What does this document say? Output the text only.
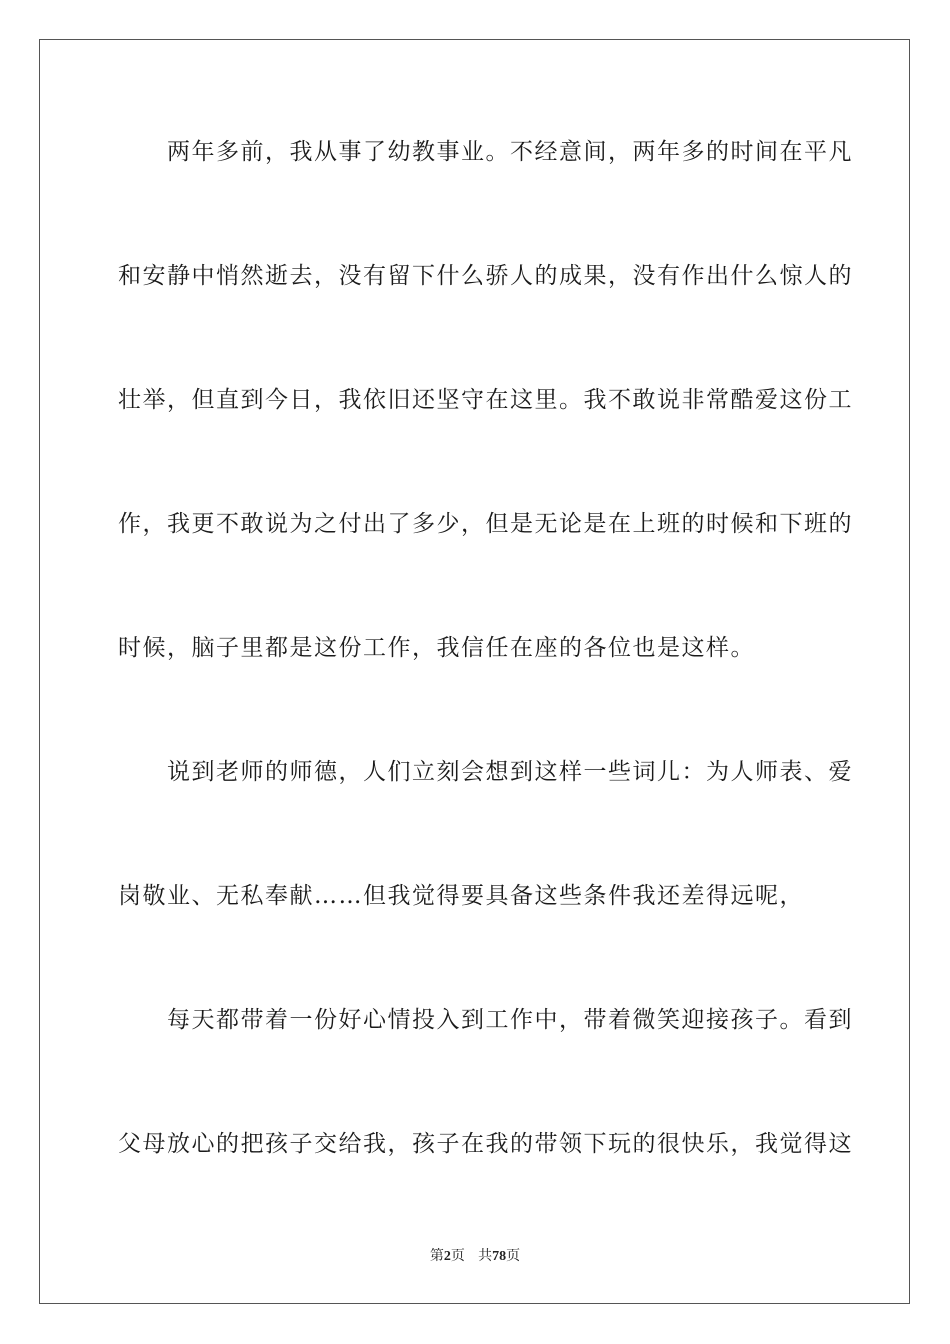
　　两年多前，我从事了幼教事业。不经意间，两年多的时间在平凡
和安静中悄然逝去，没有留下什么骄人的成果，没有作出什么惊人的
壮举，但直到今日，我依旧还坚守在这里。我不敢说非常酷爱这份工
作，我更不敢说为之付出了多少，但是无论是在上班的时候和下班的
时候，脑子里都是这份工作，我信任在座的各位也是这样。
　　说到老师的师德，人们立刻会想到这样一些词儿：为人师表、爱
岗敬业、无私奉献……但我觉得要具备这些条件我还差得远呢，
　　每天都带着一份好心情投入到工作中，带着微笑迎接孩子。看到
父母放心的把孩子交给我，孩子在我的带领下玩的很快乐，我觉得这
第2页 共78页
